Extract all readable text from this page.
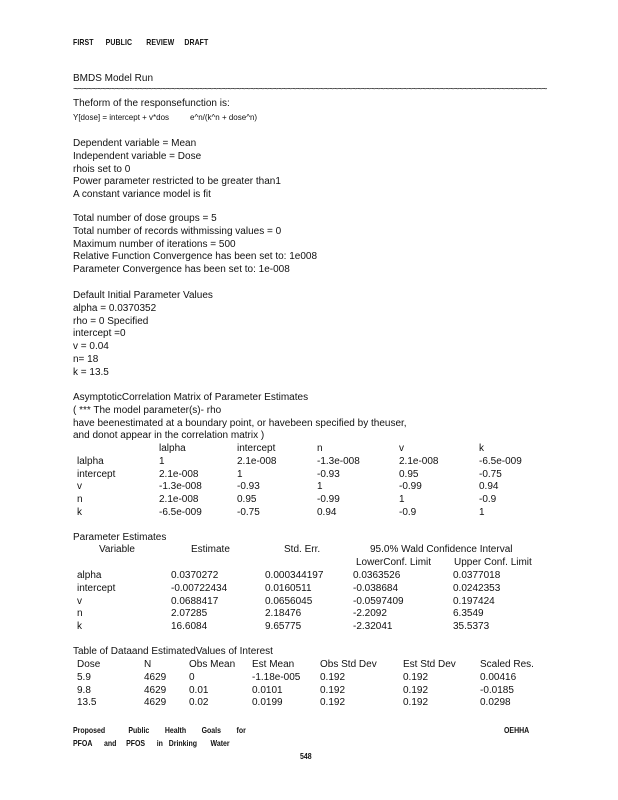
FIRST PUBLIC REVIEW DRAFT
BMDS Model Run
~~~~~~~~~~~~~~~~~~~~~~~~~~~~~~~~~~~~~~~~~~~~~~~~~~~~~~~~~~~~~~~~~~~~~~~~~~~~~~~~~~~~~~~~~~~~~~~~~~~~~~
Theform of the responsefunction is:
Y[dose] = intercept + v*dos	e^n/(k^n + dose^n)
Dependent variable = Mean
Independent variable = Dose
rhois set to 0
Power parameter restricted to be greater than1
A constant variance model is fit
Total number of dose groups = 5
Total number of records withmissing values = 0
Maximum number of iterations = 500
Relative Function Convergence has been set to: 1e008
Parameter Convergence has been set to: 1e-008
Default Initial Parameter Values
alpha = 0.0370352
rho = 0 Specified
intercept =0
v = 0.04
n= 18
k = 13.5
AsymptoticCorrelation Matrix of Parameter Estimates
( *** The model parameter(s)- rho
have beenestimated at a boundary point, or havebeen specified by theuser,
and donot appear in the correlation matrix )
	lalpha	intercept	n	v	k
lalpha	1	2.1e-008	-1.3e-008	2.1e-008	-6.5e-009
intercept	2.1e-008	1	-0.93	0.95	-0.75
v	-1.3e-008	-0.93	1	-0.99	0.94
n	2.1e-008	0.95	-0.99	1	-0.9
k	-6.5e-009	-0.75	0.94	-0.9	1
Parameter Estimates
Variable	Estimate	Std. Err.	95.0% Wald Confidence Interval
LowerConf. Limit Upper Conf. Limit
alpha	0.0370272	0.000344197	0.0363526	0.0377018
intercept	-0.00722434	0.0160511	-0.038684	0.0242353
v	0.0688417	0.0656045	-0.0597409	0.197424
n	2.07285	2.18476	-2.2092	6.3549
k	16.6084	9.65775	-2.32041	35.5373
Table of Dataand EstimatedValues of Interest
Dose	N	Obs Mean	Est Mean	Obs Std Dev	Est Std Dev	Scaled Res.
5.9	4629	0	-1.18e-005	0.192	0.192	0.00416
9.8	4629	0.01	0.0101	0.192	0.192	-0.0185
13.5	4629	0.02	0.0199	0.192	0.192	0.0298
Proposed	Public Health Goals for	OEHHA
PFOA and PFOS in Drinking Water
548
